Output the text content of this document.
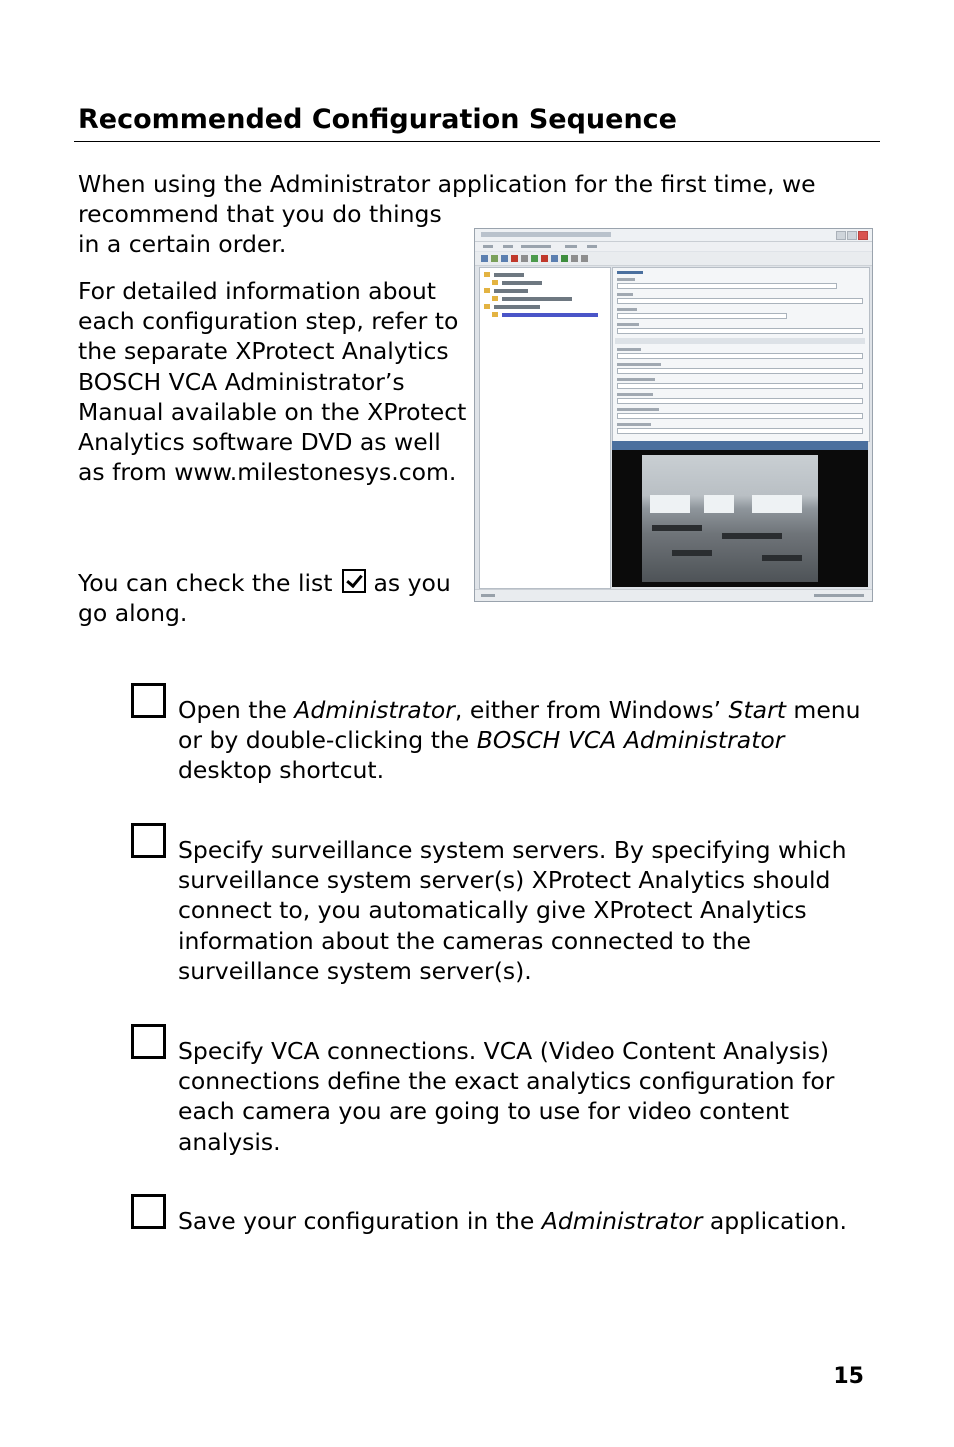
Recommended Configuration Sequence

When using the Administrator application for the first time, we

recommend that you do things in a certain order.

For detailed information about each configuration step, refer to the separate XProtect Analytics BOSCH VCA Administrator’s Manual available on the XProtect Analytics software DVD as well as from www.milestonesys.com.

You can check the list as you go along.

Open the Administrator, either from Windows’ Start menu or by double-clicking the BOSCH VCA Administrator desktop shortcut.

Specify surveillance system servers. By specifying which surveillance system server(s) XProtect Analytics should connect to, you automatically give XProtect Analytics information about the cameras connected to the surveillance system server(s).

Specify VCA connections. VCA (Video Content Analysis) connections define the exact analytics configuration for each camera you are going to use for video content analysis.

Save your configuration in the Administrator application.

15
